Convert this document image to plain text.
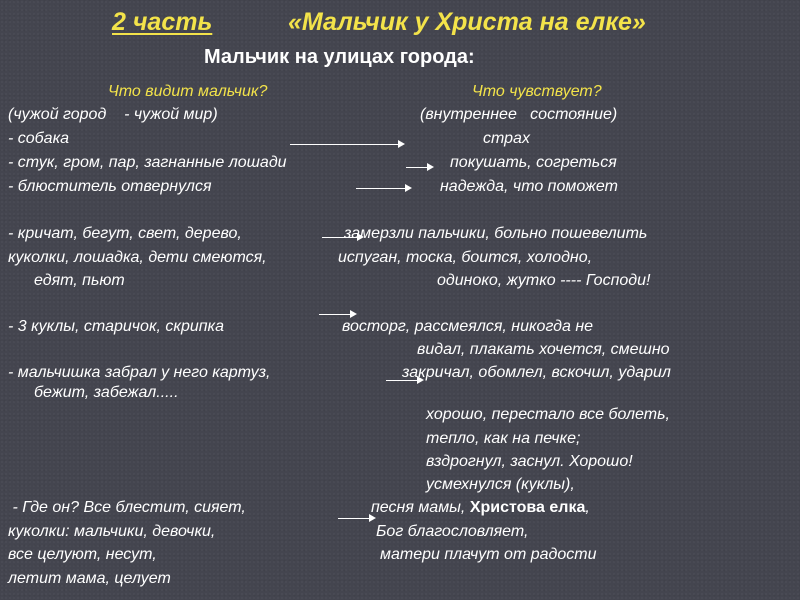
2 часть	«Мальчик у Христа на елке»
Мальчик на улицах города:
Что видит мальчик?	Что чувствует?
(чужой город    - чужой мир)
- собака
- стук, гром, пар, загнанные лошади
- блюститель отвернулся
- кричат, бегут, свет, дерево,
куколки, лошадка, дети смеются,
едят, пьют
- 3 куклы, старичок, скрипка
- мальчишка забрал у него картуз,
бежит, забежал.....
- Где он? Все блестит, сияет,
куколки: мальчики, девочки,
все целуют, несут,
летит мама, целует
(внутреннее   состояние)
страх
покушать, согреться
надежда, что поможет
замерзли пальчики, больно пошевелить
испуган, тоска, боится, холодно,
одиноко, жутко ---- Господи!
восторг, рассмеялся, никогда не
видал, плакать хочется, смешно
закричал, обомлел, вскочил, ударил
хорошо, перестало все болеть,
тепло, как на печке;
вздрогнул, заснул. Хорошо!
усмехнулся (куклы),
песня мамы, Христова елка,
Бог благословляет,
матери плачут от радости
